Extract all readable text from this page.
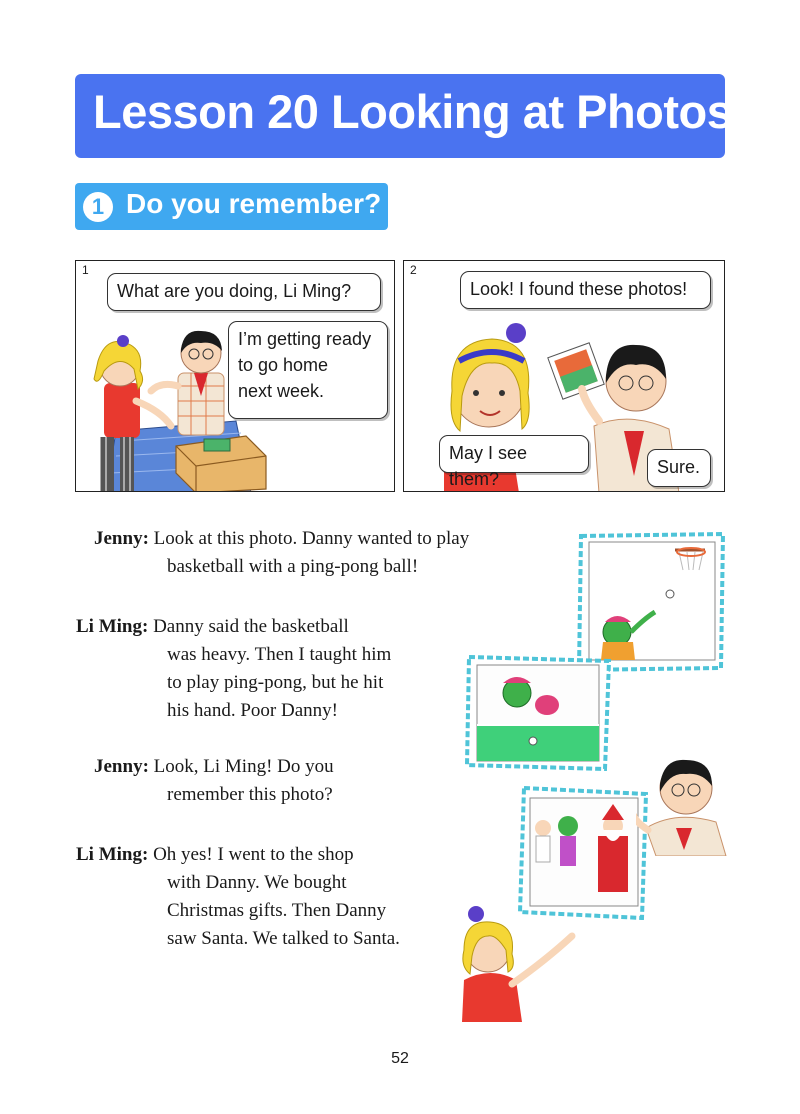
Lesson 20 Looking at Photos
1 Do you remember?
1
What are you doing, Li Ming?
I’m getting ready
to go home
next week.
2
Look! I found these photos!
May I see them?
Sure.
Jenny: Look at this photo. Danny wanted to play
basketball with a ping-pong ball!
Li Ming: Danny said the basketball
was heavy. Then I taught him
to play ping-pong, but he hit
his hand. Poor Danny!
Jenny: Look, Li Ming! Do you
remember this photo?
Li Ming: Oh yes! I went to the shop
with Danny. We bought
Christmas gifts. Then Danny
saw Santa. We talked to Santa.
52
